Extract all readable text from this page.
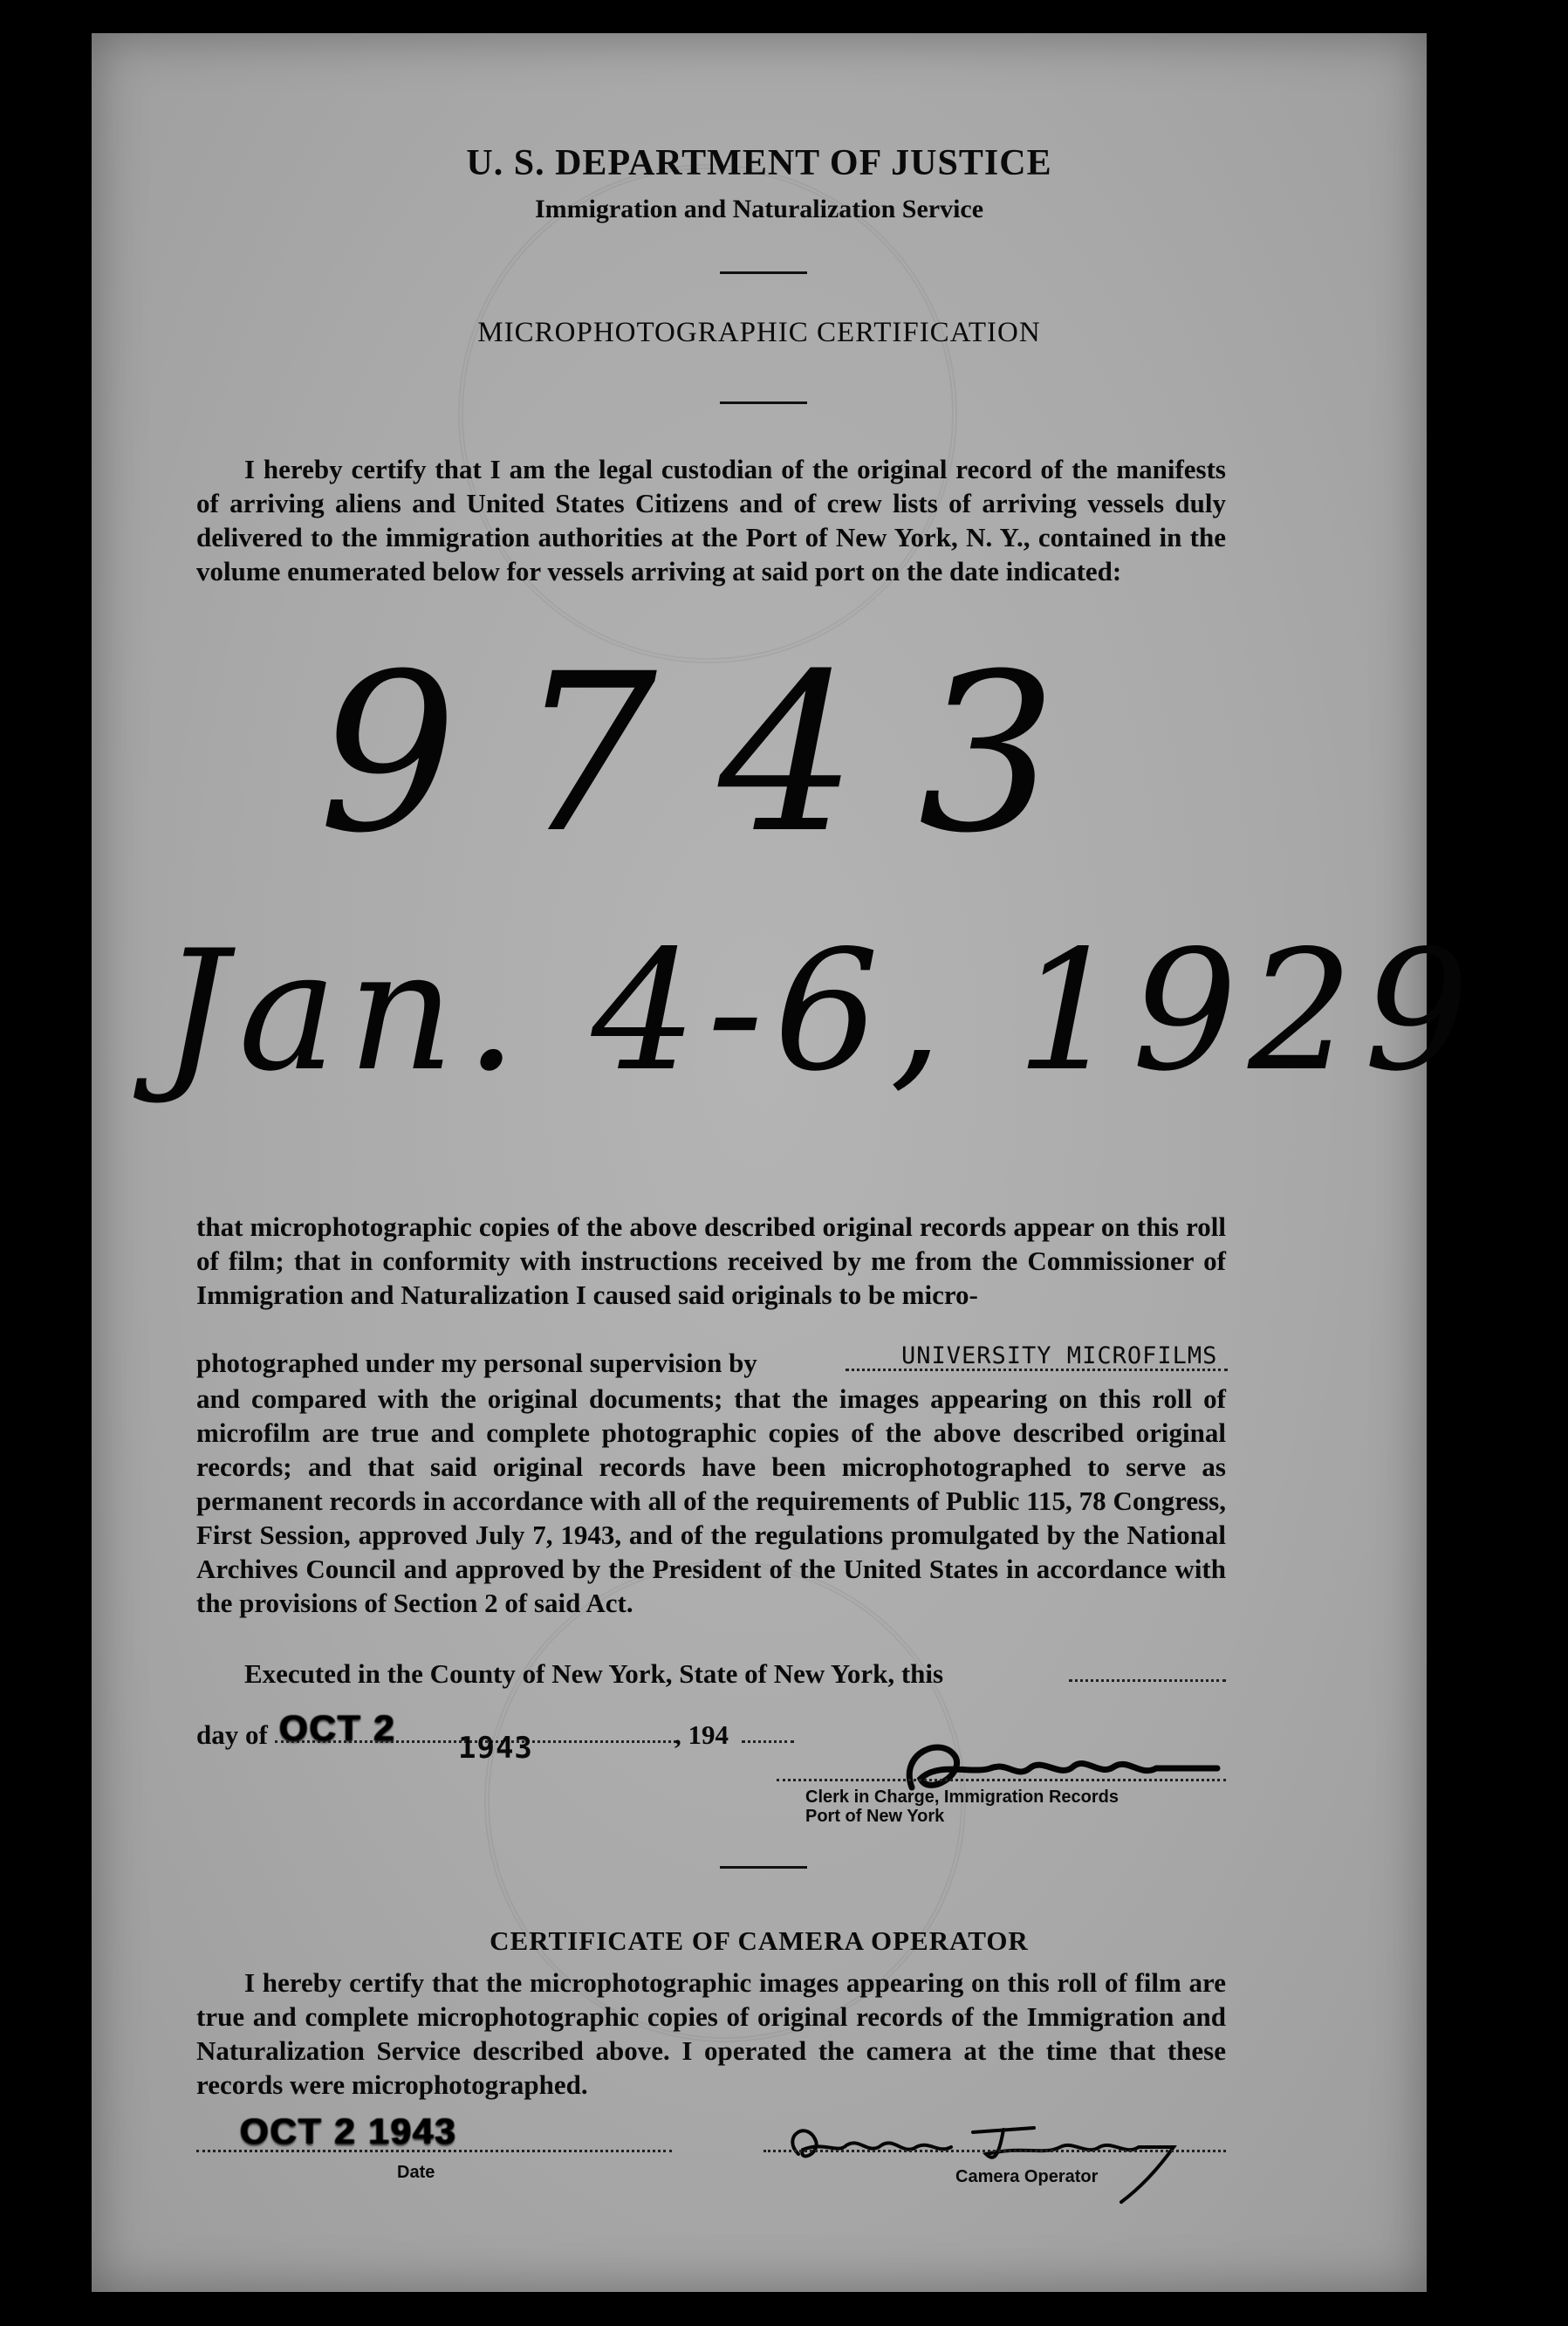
U. S. DEPARTMENT OF JUSTICE
Immigration and Naturalization Service
MICROPHOTOGRAPHIC CERTIFICATION

I hereby certify that I am the legal custodian of the original record of the manifests of arriving aliens and United States Citizens and of crew lists of arriving vessels duly delivered to the immigration authorities at the Port of New York, N. Y., contained in the volume enumerated below for vessels arriving at said port on the date indicated:

9743
Jan. 4-6, 1929

that microphotographic copies of the above described original records appear on this roll of film; that in conformity with instructions received by me from the Commissioner of Immigration and Naturalization I caused said originals to be micro-

photographed under my personal supervision by	UNIVERSITY MICROFILMS

and compared with the original documents; that the images appearing on this roll of microfilm are true and complete photographic copies of the above described original records; and that said original records have been microphotographed to serve as permanent records in accordance with all of the requirements of Public 115, 78 Congress, First Session, approved July 7, 1943, and of the regulations promulgated by the National Archives Council and approved by the President of the United States in accordance with the provisions of Section 2 of said Act.

Executed in the County of New York, State of New York, this
day of OCT 2 1943	, 194
Clerk in Charge, Immigration Records
Port of New York
CERTIFICATE OF CAMERA OPERATOR

I hereby certify that the microphotographic images appearing on this roll of film are true and complete microphotographic copies of original records of the Immigration and Naturalization Service described above. I operated the camera at the time that these records were microphotographed.

OCT 2 1943
Date	Camera Operator
